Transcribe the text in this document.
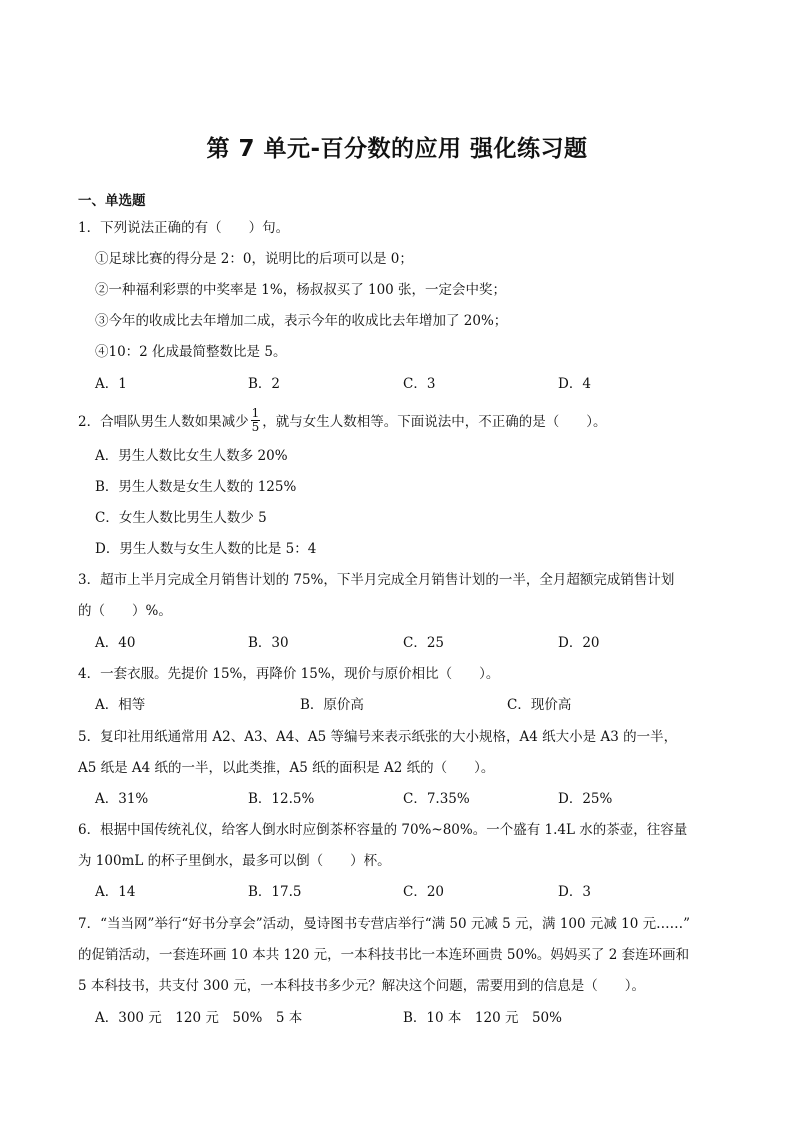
第 7 单元-百分数的应用 强化练习题
一、单选题
1．下列说法正确的有（　　）句。
①足球比赛的得分是 2：0，说明比的后项可以是 0；
②一种福利彩票的中奖率是 1%，杨叔叔买了 100 张，一定会中奖；
③今年的收成比去年增加二成，表示今年的收成比去年增加了 20%；
④10：2 化成最简整数比是 5。
A．1	B．2	C．3	D．4
2．合唱队男生人数如果减少 $\frac{1}{5}$ ，就与女生人数相等。下面说法中，不正确的是（　　）。
A．男生人数比女生人数多 20%
B．男生人数是女生人数的 125%
C．女生人数比男生人数少 5
D．男生人数与女生人数的比是 5：4
3．超市上半月完成全月销售计划的 75%，下半月完成全月销售计划的一半，全月超额完成销售计划
的（　　）%。
A．40	B．30	C．25	D．20
4．一套衣服。先提价 15%，再降价 15%，现价与原价相比（　　）。
A．相等	B．原价高	C．现价高
5．复印社用纸通常用 A2、A3、A4、A5 等编号来表示纸张的大小规格，A4 纸大小是 A3 的一半，
A5 纸是 A4 纸的一半，以此类推，A5 纸的面积是 A2 纸的（　　）。
A．31%	B．12.5%	C．7.35%	D．25%
6．根据中国传统礼仪，给客人倒水时应倒茶杯容量的 70%~80%。一个盛有 1.4L 水的茶壶，往容量
为 100mL 的杯子里倒水，最多可以倒（　　）杯。
A．14	B．17.5	C．20	D．3
7．“当当网”举行“好书分享会”活动，曼诗图书专营店举行“满 50 元减 5 元，满 100 元减 10 元……”
的促销活动，一套连环画 10 本共 120 元，一本科技书比一本连环画贵 50%。妈妈买了 2 套连环画和
5 本科技书，共支付 300 元，一本科技书多少元？解决这个问题，需要用到的信息是（　　）。
A．300 元　120 元　50%　5 本	B．10 本　120 元　50%
